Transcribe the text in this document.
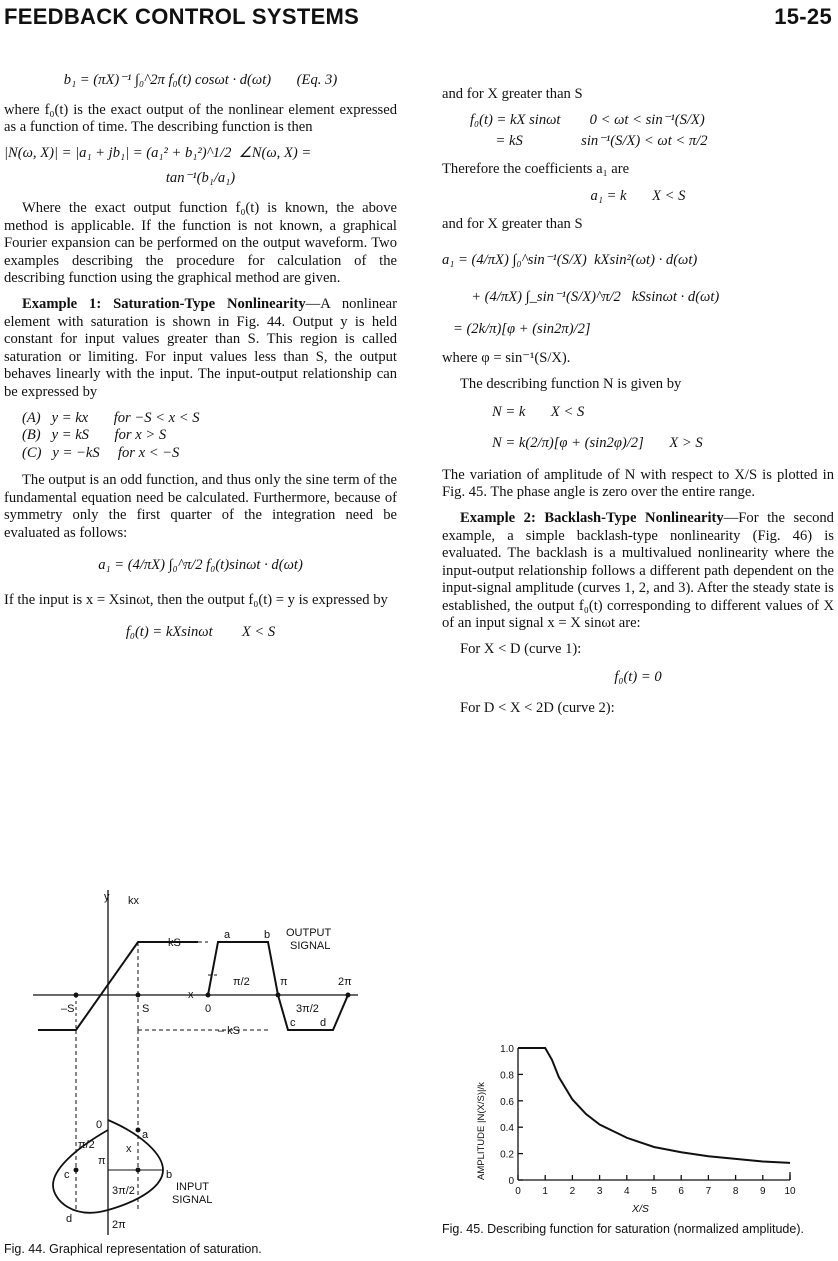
FEEDBACK CONTROL SYSTEMS	15-25
b₁ = (πX)⁻¹ ∫₀^2π f₀(t) cosωt · d(ωt)       (Eq. 3)

where f₀(t) is the exact output of the nonlinear element expressed as a function of time. The describing function is then

|N(ω, X)| = |a₁ + jb₁| = (a₁² + b₁²)^1/2  ∠N(ω, X) =
tan⁻¹(b₁/a₁)

Where the exact output function f₀(t) is known, the above method is applicable. If the function is not known, a graphical Fourier expansion can be performed on the output waveform. Two examples describing the procedure for calculation of the describing function using the graphical method are given.

Example 1: Saturation-Type Nonlinearity—A nonlinear element with saturation is shown in Fig. 44. Output y is held constant for input values greater than S. This region is called saturation or limiting. For input values less than S, the output behaves linearly with the input. The input-output relationship can be expressed by

(A)   y = kx       for −S < x < S
(B)   y = kS       for x > S
(C)   y = −kS     for x < −S

The output is an odd function, and thus only the sine term of the fundamental equation need be calculated. Furthermore, because of symmetry only the first quarter of the integration need be evaluated as follows:

a₁ = (4/πX) ∫₀^π/2 f₀(t)sinωt · d(ωt)

If the input is x = Xsinωt, then the output f₀(t) = y is expressed by

f₀(t) = kXsinωt        X < S
y kx
kS
– kS
x
–S	S	0
π/2	π	2π
3π/2
a	b
c d
OUTPUT
SIGNAL
0
a
π/2	x
π
b
c
3π/2
d	2π
INPUT
SIGNAL
Fig. 44. Graphical representation of saturation.

and for X greater than S

f₀(t) = kX sinωt        0 < ωt < sin⁻¹(S/X)
= kS                sin⁻¹(S/X) < ωt < π/2

Therefore the coefficients a₁ are

a₁ = k       X < S

and for X greater than S

a₁ = (4/πX) ∫₀^sin⁻¹(S/X)  kXsin²(ωt) · d(ωt)
+ (4/πX) ∫_sin⁻¹(S/X)^π/2   kSsinωt · d(ωt)
= (2k/π)[φ + (sin2π)/2]

where φ = sin⁻¹(S/X).

The describing function N is given by

N = k       X < S
N = k(2/π)[φ + (sin2φ)/2]       X > S

The variation of amplitude of N with respect to X/S is plotted in Fig. 45. The phase angle is zero over the entire range.

Example 2: Backlash-Type Nonlinearity—For the second example, a simple backlash-type nonlinearity (Fig. 46) is evaluated. The backlash is a multivalued nonlinearity where the input-output relationship follows a different path dependent on the input-signal amplitude (curves 1, 2, and 3). After the steady state is established, the output f₀(t) corresponding to different values of X of an input signal x = X sinωt are:

For X < D (curve 1):

f₀(t) = 0

For D < X < 2D (curve 2):

0 1 2 3 4 5 6 7 8 9 10
0
0.2
0.4
0.6
0.8
1.0
AMPLITUDE |N(X/S)|/k
X/S
Fig. 45. Describing function for saturation (normalized amplitude).
